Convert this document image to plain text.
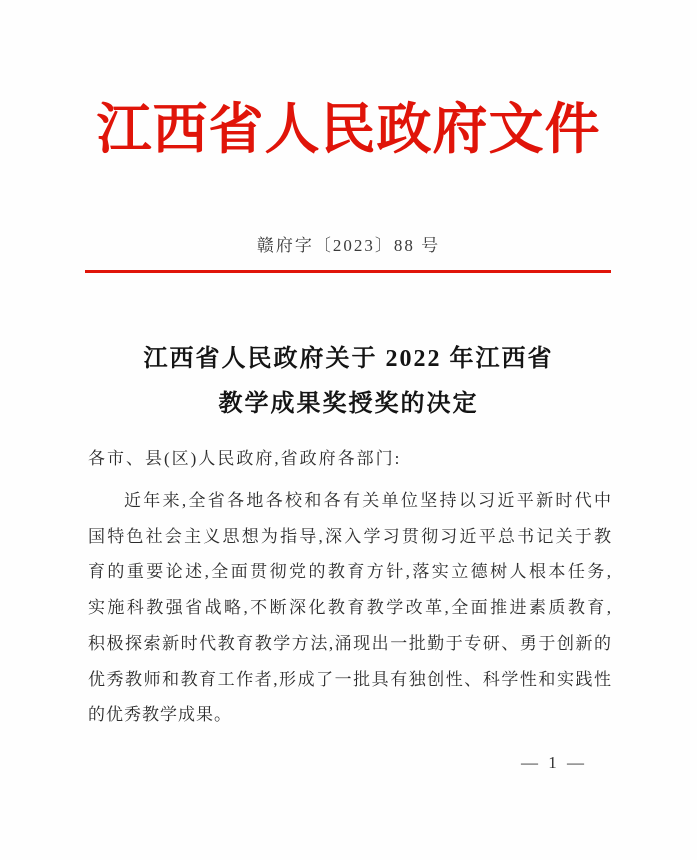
江西省人民政府文件
赣府字〔2023〕88 号
江西省人民政府关于 2022 年江西省
教学成果奖授奖的决定
各市、县(区)人民政府,省政府各部门:
近年来,全省各地各校和各有关单位坚持以习近平新时代中
国特色社会主义思想为指导,深入学习贯彻习近平总书记关于教
育的重要论述,全面贯彻党的教育方针,落实立德树人根本任务,
实施科教强省战略,不断深化教育教学改革,全面推进素质教育,
积极探索新时代教育教学方法,涌现出一批勤于专研、勇于创新的
优秀教师和教育工作者,形成了一批具有独创性、科学性和实践性
的优秀教学成果。
— 1 —
